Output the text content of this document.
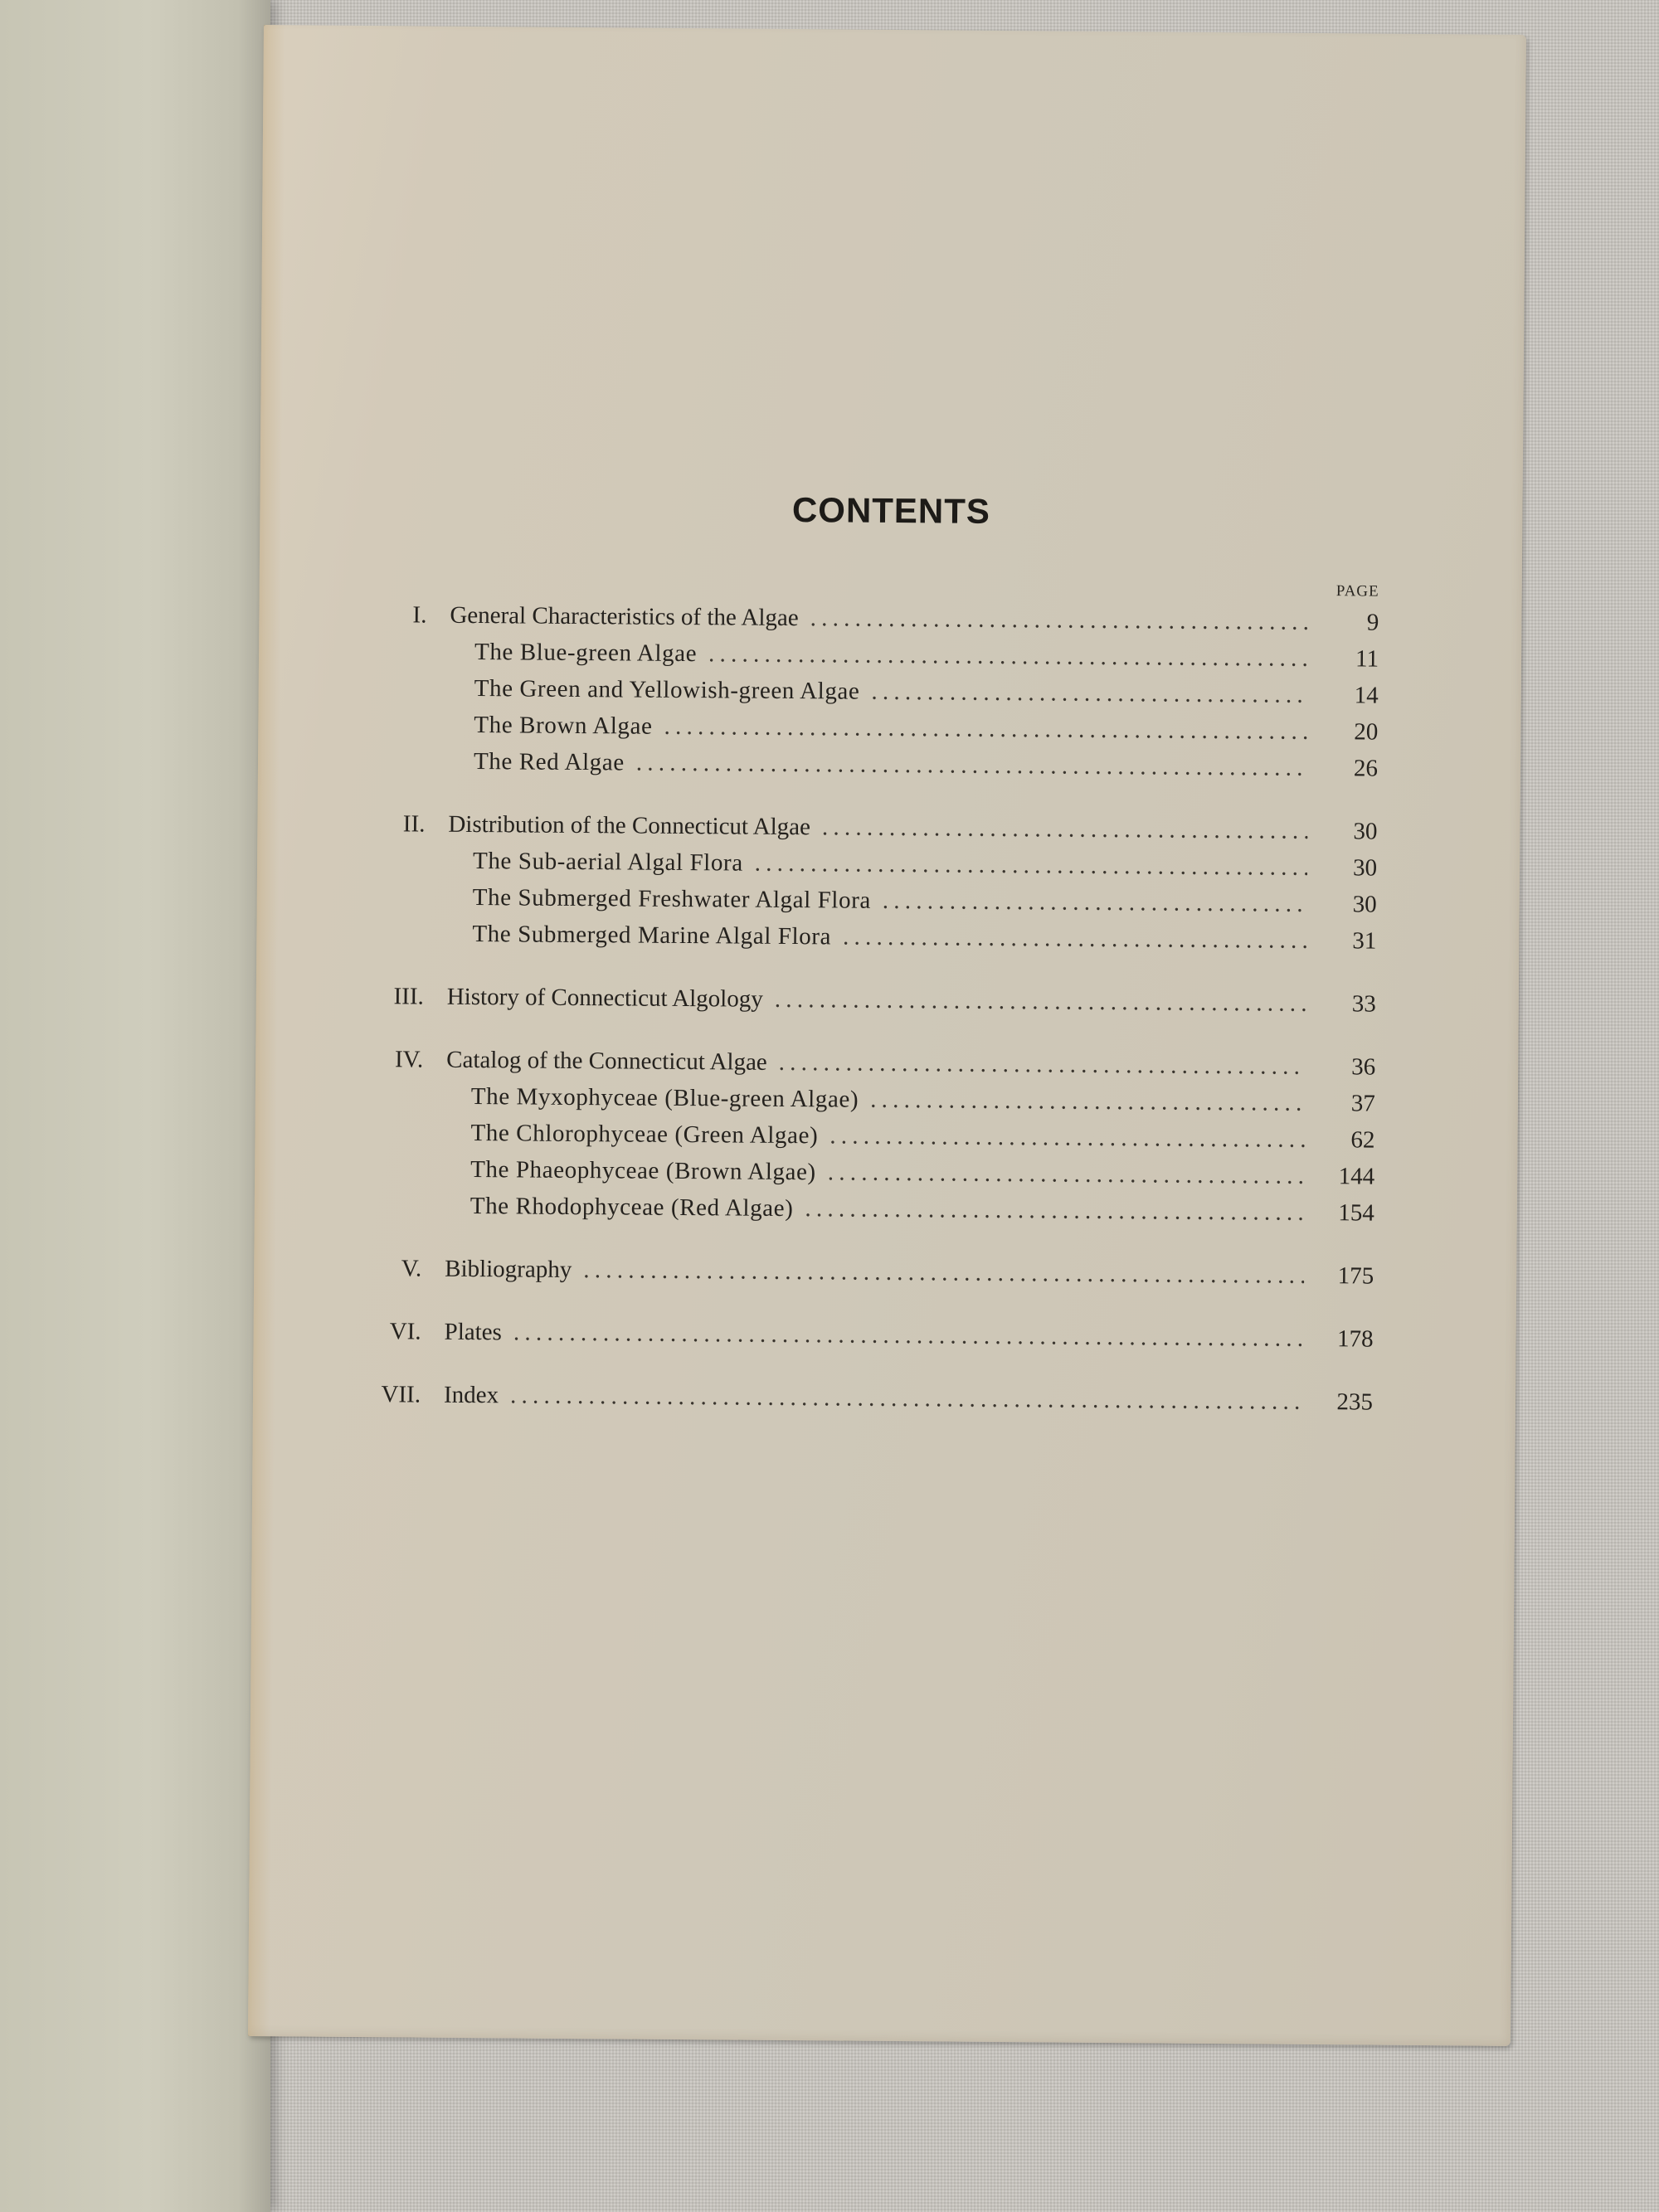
CONTENTS
PAGE
I. General Characteristics of the Algae . . .	9
The Blue-green Algae . . .	11
The Green and Yellowish-green Algae . . .	14
The Brown Algae . . .	20
The Red Algae . . .	26
II. Distribution of the Connecticut Algae . . .	30
The Sub-aerial Algal Flora . . .	30
The Submerged Freshwater Algal Flora . . .	30
The Submerged Marine Algal Flora . . .	31
III. History of Connecticut Algology . . .	33
IV. Catalog of the Connecticut Algae . . .	36
The Myxophyceae (Blue-green Algae) . . .	37
The Chlorophyceae (Green Algae) . . .	62
The Phaeophyceae (Brown Algae) . . .	144
The Rhodophyceae (Red Algae) . . .	154
V. Bibliography . . .	175
VI. Plates . . .	178
VII. Index . . .	235
